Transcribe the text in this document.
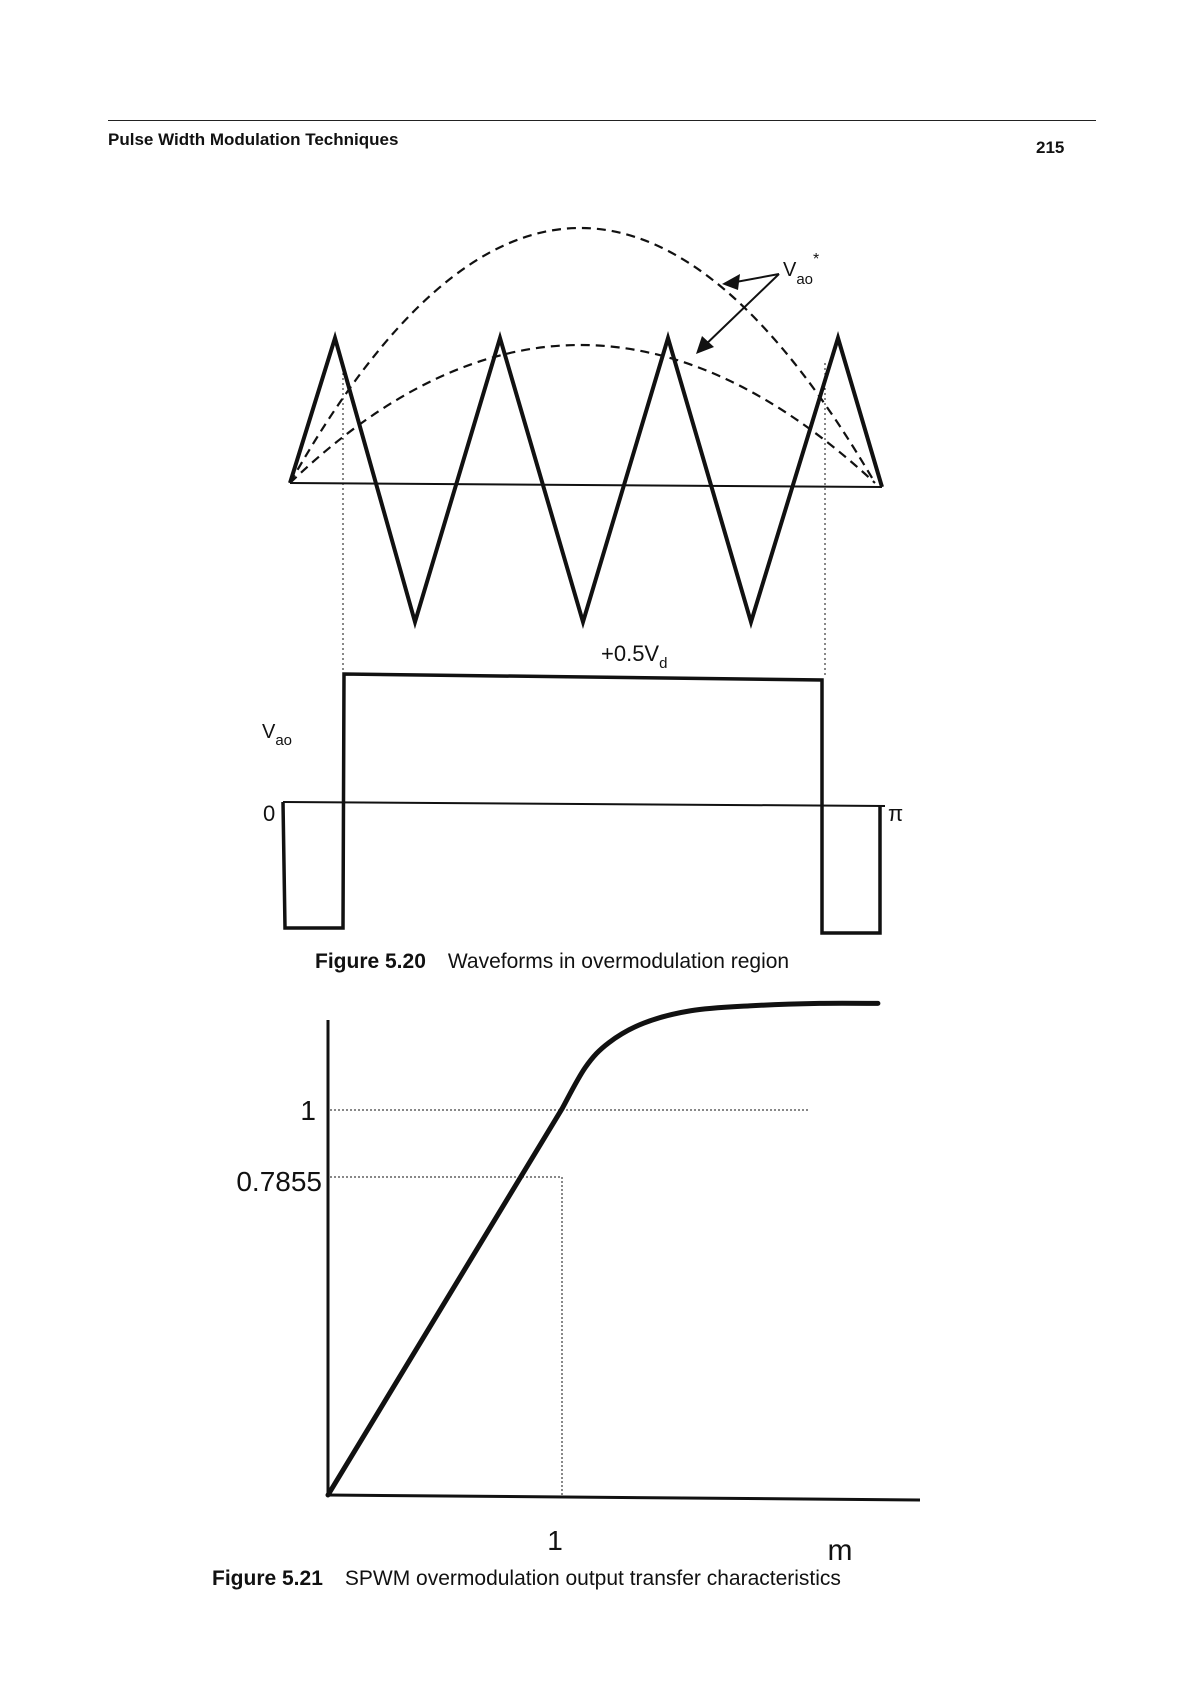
Pulse Width Modulation Techniques	215
$V_{ao}^*$
$+0.5V_d$
$V_{ao}$
0	π
Figure 5.20 Waveforms in overmodulation region
1
0.7855
1	m
Figure 5.21 SPWM overmodulation output transfer characteristics
